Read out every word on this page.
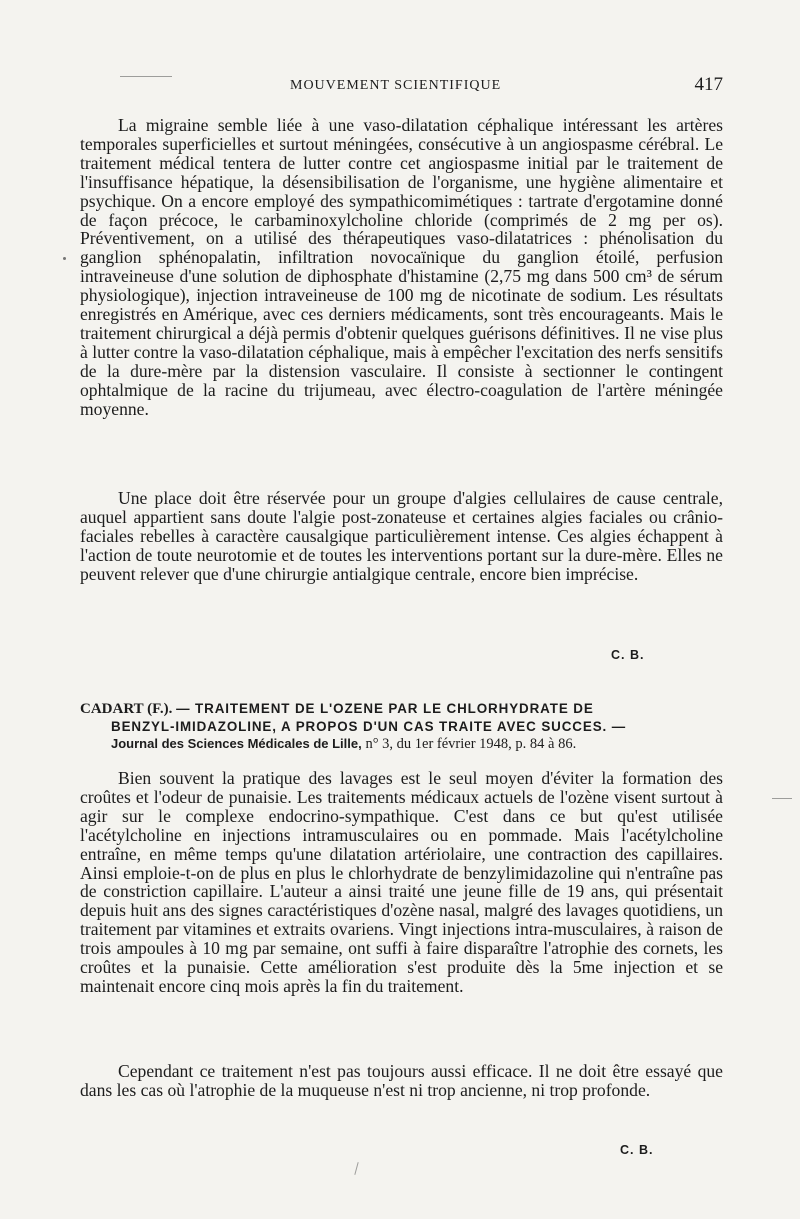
MOUVEMENT SCIENTIFIQUE	417

La migraine semble liée à une vaso-dilatation céphalique intéressant les artères temporales superficielles et surtout méningées, consécutive à un angiospasme cérébral. Le traitement médical tentera de lutter contre cet angiospasme initial par le traitement de l'insuffisance hépatique, la désensibilisation de l'organisme, une hygiène alimentaire et psychique. On a encore employé des sympathicomimétiques : tartrate d'ergotamine donné de façon précoce, le carbaminoxylcholine chloride (comprimés de 2 mg per os). Préventivement, on a utilisé des thérapeutiques vaso-dilatatrices : phénolisation du ganglion sphénopalatin, infiltration novocaïnique du ganglion étoilé, perfusion intraveineuse d'une solution de diphosphate d'histamine (2,75 mg dans 500 cm³ de sérum physiologique), injection intraveineuse de 100 mg de nicotinate de sodium. Les résultats enregistrés en Amérique, avec ces derniers médicaments, sont très encourageants. Mais le traitement chirurgical a déjà permis d'obtenir quelques guérisons définitives. Il ne vise plus à lutter contre la vaso-dilatation céphalique, mais à empêcher l'excitation des nerfs sensitifs de la dure-mère par la distension vasculaire. Il consiste à sectionner le contingent ophtalmique de la racine du trijumeau, avec électro-coagulation de l'artère méningée moyenne.

Une place doit être réservée pour un groupe d'algies cellulaires de cause centrale, auquel appartient sans doute l'algie post-zonateuse et certaines algies faciales ou crânio-faciales rebelles à caractère causalgique particulièrement intense. Ces algies échappent à l'action de toute neurotomie et de toutes les interventions portant sur la dure-mère. Elles ne peuvent relever que d'une chirurgie antialgique centrale, encore bien imprécise.

C. B.
CADART (F.). — TRAITEMENT DE L'OZENE PAR LE CHLORHYDRATE DE
BENZYL-IMIDAZOLINE, A PROPOS D'UN CAS TRAITE AVEC SUCCES. —
Journal des Sciences Médicales de Lille, n° 3, du 1er février 1948, p. 84 à 86.

Bien souvent la pratique des lavages est le seul moyen d'éviter la formation des croûtes et l'odeur de punaisie. Les traitements médicaux actuels de l'ozène visent surtout à agir sur le complexe endocrino-sympathique. C'est dans ce but qu'est utilisée l'acétylcholine en injections intramusculaires ou en pommade. Mais l'acétylcholine entraîne, en même temps qu'une dilatation artériolaire, une contraction des capillaires. Ainsi emploie-t-on de plus en plus le chlorhydrate de benzylimidazoline qui n'entraîne pas de constriction capillaire. L'auteur a ainsi traité une jeune fille de 19 ans, qui présentait depuis huit ans des signes caractéristiques d'ozène nasal, malgré des lavages quotidiens, un traitement par vitamines et extraits ovariens. Vingt injections intra-musculaires, à raison de trois ampoules à 10 mg par semaine, ont suffi à faire disparaître l'atrophie des cornets, les croûtes et la punaisie. Cette amélioration s'est produite dès la 5me injection et se maintenait encore cinq mois après la fin du traitement.

Cependant ce traitement n'est pas toujours aussi efficace. Il ne doit être essayé que dans les cas où l'atrophie de la muqueuse n'est ni trop ancienne, ni trop profonde.

C. B.
